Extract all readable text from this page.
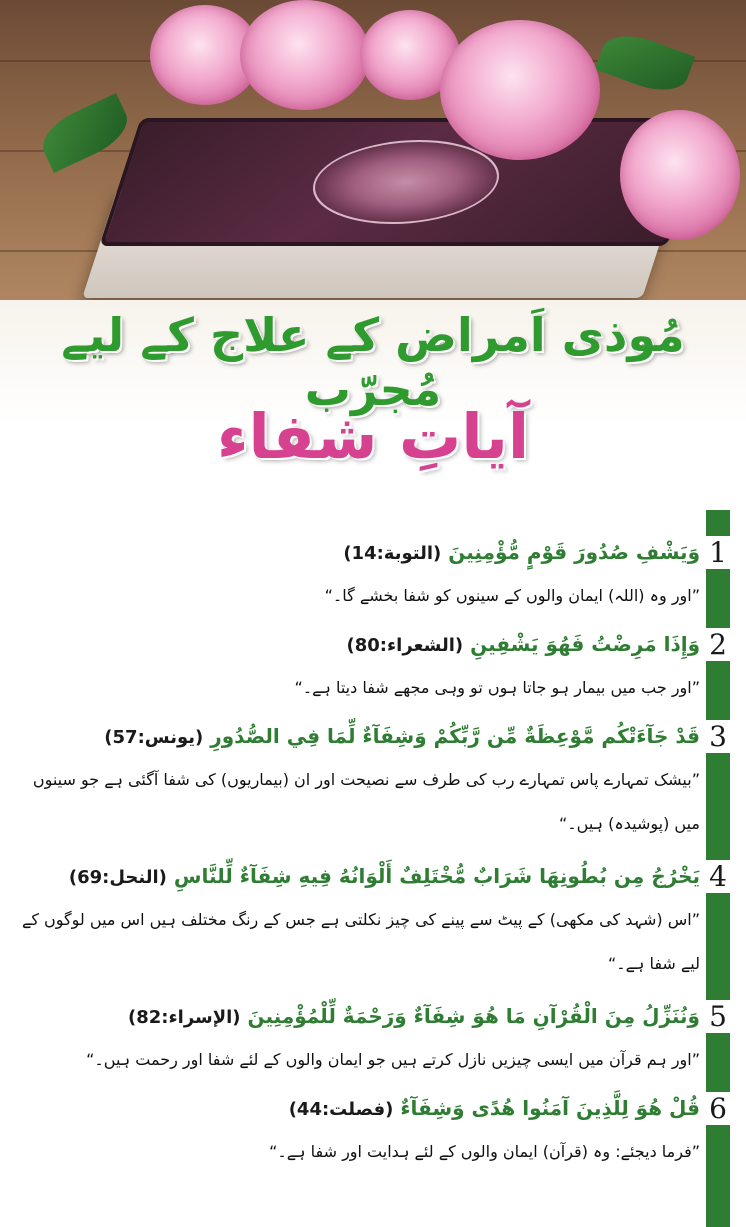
مُوذی اَمراض کے علاج کے لیے مُجرّب
آیاتِ شفاء
1
وَيَشْفِ صُدُورَ قَوْمٍ مُّؤْمِنِينَ (التوبة:14)
”اور وہ (اللہ) ایمان والوں کے سینوں کو شفا بخشے گا۔“
2
وَإِذَا مَرِضْتُ فَهُوَ يَشْفِينِ (الشعراء:80)
”اور جب میں بیمار ہو جاتا ہوں تو وہی مجھے شفا دیتا ہے۔“
3
قَدْ جَآءَتْكُم مَّوْعِظَةٌ مِّن رَّبِّكُمْ وَشِفَآءٌ لِّمَا فِي الصُّدُورِ (یونس:57)
”بیشک تمہارے پاس تمہارے رب کی طرف سے نصیحت اور ان (بیماریوں) کی شفا آگئی ہے جو سینوں میں (پوشیدہ) ہیں۔“
4
يَخْرُجُ مِن بُطُونِهَا شَرَابٌ مُّخْتَلِفٌ أَلْوَانُهُ فِيهِ شِفَآءٌ لِّلنَّاسِ (النحل:69)
”اس (شہد کی مکھی) کے پیٹ سے پینے کی چیز نکلتی ہے جس کے رنگ مختلف ہیں اس میں لوگوں کے لیے شفا ہے۔“
5
وَنُنَزِّلُ مِنَ الْقُرْآنِ مَا هُوَ شِفَآءٌ وَرَحْمَةٌ لِّلْمُؤْمِنِينَ (الإسراء:82)
”اور ہم قرآن میں ایسی چیزیں نازل کرتے ہیں جو ایمان والوں کے لئے شفا اور رحمت ہیں۔“
6
قُلْ هُوَ لِلَّذِينَ آمَنُوا هُدًى وَشِفَآءٌ (فصلت:44)
”فرما دیجئے: وہ (قرآن) ایمان والوں کے لئے ہدایت اور شفا ہے۔“
